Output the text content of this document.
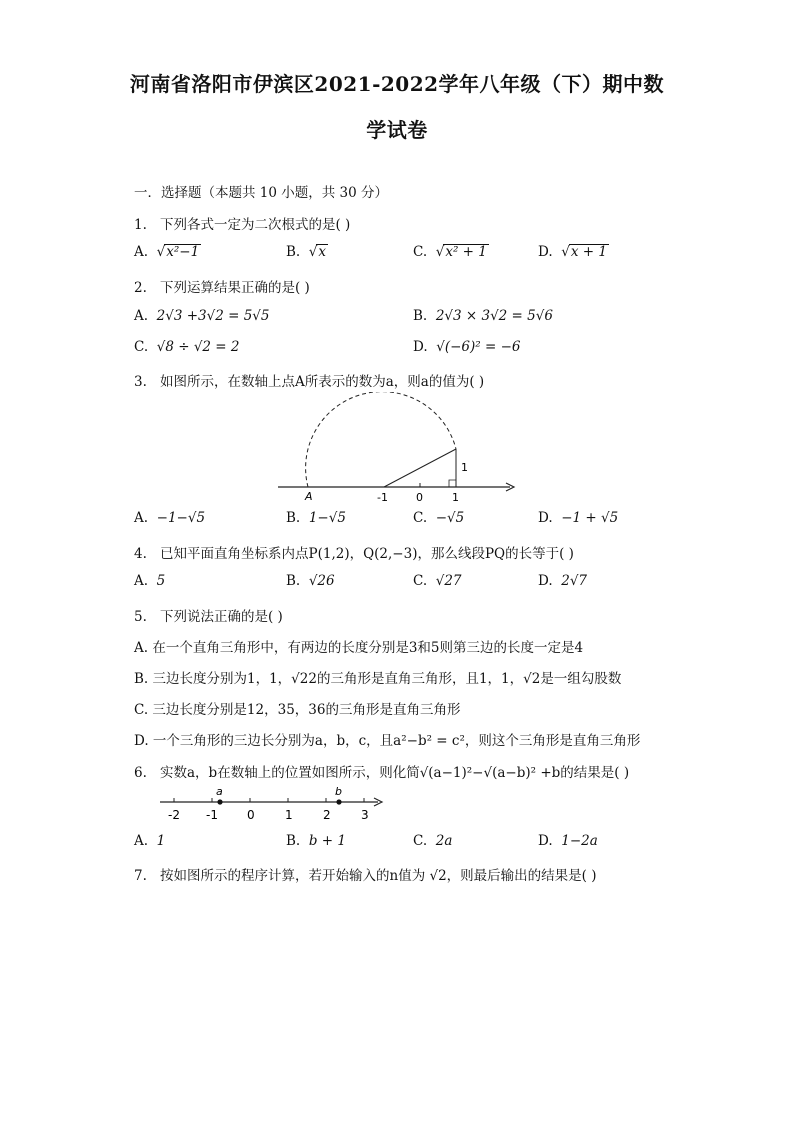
河南省洛阳市伊滨区2021-2022学年八年级（下）期中数
学试卷
一．选择题（本题共 10 小题，共 30 分）
1. 下列各式一定为二次根式的是( )
A.  √x²−1	B.  √x	C.  √x² + 1	D.  √x + 1
2. 下列运算结果正确的是( )
A. 2√3 +3√2 = 5√5	B. 2√3 × 3√2 = 5√6
C. √8 ÷ √2 = 2	D. √(−6)² = −6
3. 如图所示，在数轴上点A所表示的数为a，则a的值为( )
A	-1	0	1
1
A. −1−√5	B. 1−√5	C. −√5	D. −1 + √5
4. 已知平面直角坐标系内点P(1,2)，Q(2,−3)，那么线段PQ的长等于( )
A. 5	B. √26	C. √27	D. 2√7
5. 下列说法正确的是( )
A. 在一个直角三角形中，有两边的长度分别是3和5则第三边的长度一定是4
B. 三边长度分别为1，1，√22的三角形是直角三角形，且1，1，√2是一组勾股数
C. 三边长度分别是12，35，36的三角形是直角三角形
D. 一个三角形的三边长分别为a，b，c，且a²−b² = c²，则这个三角形是直角三角形
6. 实数a，b在数轴上的位置如图所示，则化简√(a−1)²−√(a−b)² +b的结果是( )
-2 -1 0	1	2	3
a	b
A. 1	B. b + 1	C. 2a	D. 1−2a
7. 按如图所示的程序计算，若开始输入的n值为 √2，则最后输出的结果是( )
